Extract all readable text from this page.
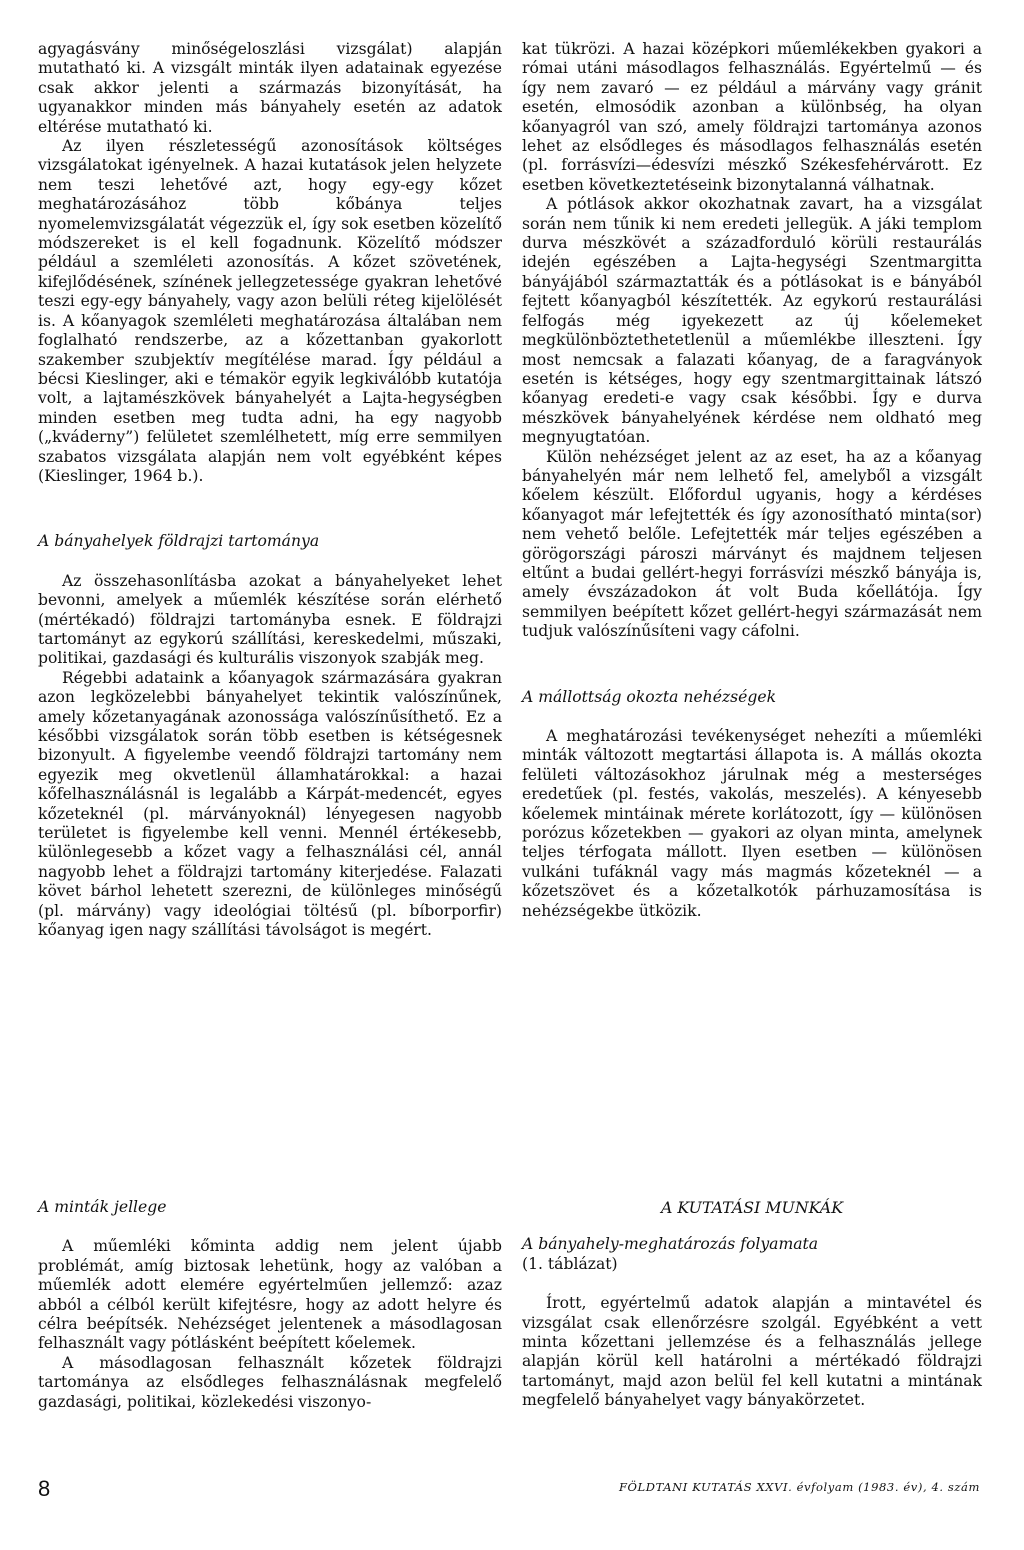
agyagásvány minőségeloszlási vizsgálat) alapján mutatható ki. A vizsgált minták ilyen adatainak egyezése csak akkor jelenti a származás bizonyítását, ha ugyanakkor minden más bányahely esetén az adatok eltérése mutatható ki.

Az ilyen részletességű azonosítások költséges vizsgálatokat igényelnek. A hazai kutatások jelen helyzete nem teszi lehetővé azt, hogy egy-egy kőzet meghatározásához több kőbánya teljes nyomelemvizsgálatát végezzük el, így sok esetben közelítő módszereket is el kell fogadnunk. Közelítő módszer például a szemléleti azonosítás. A kőzet szövetének, kifejlődésének, színének jellegzetessége gyakran lehetővé teszi egy-egy bányahely, vagy azon belüli réteg kijelölését is. A kőanyagok szemléleti meghatározása általában nem foglalható rendszerbe, az a kőzettanban gyakorlott szakember szubjektív megítélése marad. Így például a bécsi Kieslinger, aki e témakör egyik legkiválóbb kutatója volt, a lajtamészkövek bányahelyét a Lajta-hegységben minden esetben meg tudta adni, ha egy nagyobb („kváderny”) felületet szemlélhetett, míg erre semmilyen szabatos vizsgálata alapján nem volt egyébként képes (Kieslinger, 1964 b.).

A bányahelyek földrajzi tartománya

Az összehasonlításba azokat a bányahelyeket lehet bevonni, amelyek a műemlék készítése során elérhető (mértékadó) földrajzi tartományba esnek. E földrajzi tartományt az egykorú szállítási, kereskedelmi, műszaki, politikai, gazdasági és kulturális viszonyok szabják meg.

Régebbi adataink a kőanyagok származására gyakran azon legközelebbi bányahelyet tekintik valószínűnek, amely kőzetanyagának azonossága valószínűsíthető. Ez a későbbi vizsgálatok során több esetben is kétségesnek bizonyult. A figyelembe veendő földrajzi tartomány nem egyezik meg okvetlenül államhatárokkal: a hazai kőfelhasználásnál is legalább a Kárpát-medencét, egyes kőzeteknél (pl. márványoknál) lényegesen nagyobb területet is figyelembe kell venni. Mennél értékesebb, különlegesebb a kőzet vagy a felhasználási cél, annál nagyobb lehet a földrajzi tartomány kiterjedése. Falazati követ bárhol lehetett szerezni, de különleges minőségű (pl. márvány) vagy ideológiai töltésű (pl. bíborporfir) kőanyag igen nagy szállítási távolságot is megért.

kat tükrözi. A hazai középkori műemlékekben gyakori a római utáni másodlagos felhasználás. Egyértelmű — és így nem zavaró — ez például a márvány vagy gránit esetén, elmosódik azonban a különbség, ha olyan kőanyagról van szó, amely földrajzi tartománya azonos lehet az elsődleges és másodlagos felhasználás esetén (pl. forrásvízi—édesvízi mészkő Székesfehérvárott. Ez esetben következtetéseink bizonytalanná válhatnak.

A pótlások akkor okozhatnak zavart, ha a vizsgálat során nem tűnik ki nem eredeti jellegük. A jáki templom durva mészkövét a századforduló körüli restaurálás idején egészében a Lajta-hegységi Szentmargitta bányájából származtatták és a pótlásokat is e bányából fejtett kőanyagból készítették. Az egykorú restaurálási felfogás még igyekezett az új kőelemeket megkülönböztethetetlenül a műemlékbe illeszteni. Így most nemcsak a falazati kőanyag, de a faragványok esetén is kétséges, hogy egy szentmargittainak látszó kőanyag eredeti-e vagy csak későbbi. Így e durva mészkövek bányahelyének kérdése nem oldható meg megnyugtatóan.

Külön nehézséget jelent az az eset, ha az a kőanyag bányahelyén már nem lelhető fel, amelyből a vizsgált kőelem készült. Előfordul ugyanis, hogy a kérdéses kőanyagot már lefejtették és így azonosítható minta(sor) nem vehető belőle. Lefejtették már teljes egészében a görögországi pároszi márványt és majdnem teljesen eltűnt a budai gellért-hegyi forrásvízi mészkő bányája is, amely évszázadokon át volt Buda kőellátója. Így semmilyen beépített kőzet gellért-hegyi származását nem tudjuk valószínűsíteni vagy cáfolni.

A mállottság okozta nehézségek

A meghatározási tevékenységet nehezíti a műemléki minták változott megtartási állapota is. A mállás okozta felületi változásokhoz járulnak még a mesterséges eredetűek (pl. festés, vakolás, meszelés). A kényesebb kőelemek mintáinak mérete korlátozott, így — különösen porózus kőzetekben — gyakori az olyan minta, amelynek teljes térfogata mállott. Ilyen esetben — különösen vulkáni tufáknál vagy más magmás kőzeteknél — a kőzetszövet és a kőzetalkotók párhuzamosítása is nehézségekbe ütközik.

A minták jellege

A műemléki kőminta addig nem jelent újabb problémát, amíg biztosak lehetünk, hogy az valóban a műemlék adott elemére egyértelműen jellemző: azaz abból a célból került kifejtésre, hogy az adott helyre és célra beépítsék. Nehézséget jelentenek a másodlagosan felhasznált vagy pótlásként beépített kőelemek.

A másodlagosan felhasznált kőzetek földrajzi tartománya az elsődleges felhasználásnak megfelelő gazdasági, politikai, közlekedési viszonyo-

A KUTATÁSI MUNKÁK
A bányahely-meghatározás folyamata
(1. táblázat)

Írott, egyértelmű adatok alapján a mintavétel és vizsgálat csak ellenőrzésre szolgál. Egyébként a vett minta kőzettani jellemzése és a felhasználás jellege alapján körül kell határolni a mértékadó földrajzi tartományt, majd azon belül fel kell kutatni a mintának megfelelő bányahelyet vagy bányakörzetet.

8	FÖLDTANI KUTATÁS XXVI. évfolyam (1983. év), 4. szám
